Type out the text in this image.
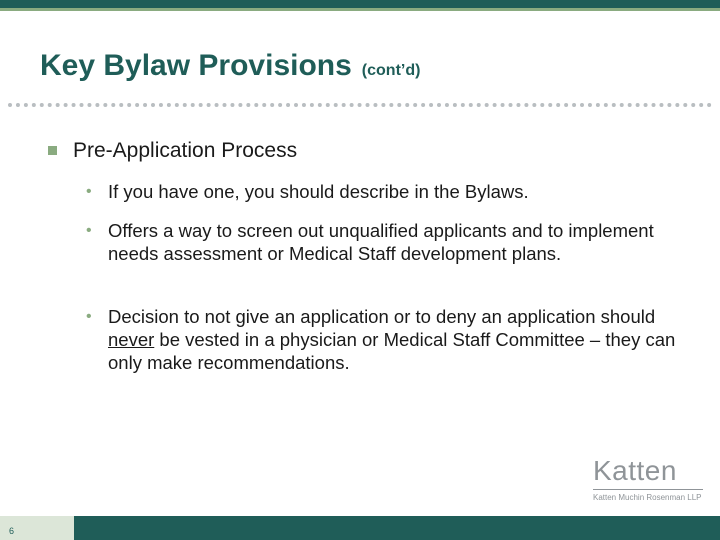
Key Bylaw Provisions (cont’d)
Pre-Application Process
• If you have one, you should describe in the Bylaws.
• Offers a way to screen out unqualified applicants and to implement needs assessment or Medical Staff development plans.
• Decision to not give an application or to deny an application should never be vested in a physician or Medical Staff Committee – they can only make recommendations.
Katten
Katten Muchin Rosenman LLP
6
